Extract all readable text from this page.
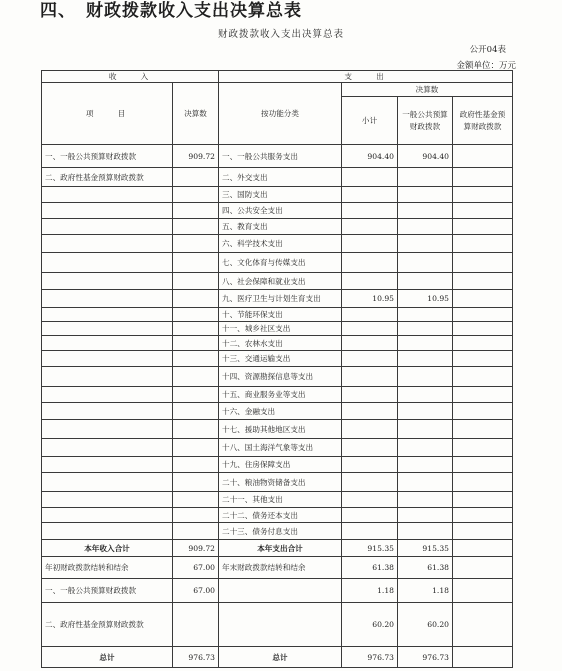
四、 财政拨款收入支出决算总表
财政拨款收入支出决算总表
公开04表
金额单位：万元
收　　入		支　　出			
项　　目	决算数	按功能分类	决算数		
			小计	一般公共预算财政拨款	政府性基金预算财政拨款
一、一般公共预算财政拨款	909.72	一、一般公共服务支出	904.40	904.40	
二、政府性基金预算财政拨款		二、外交支出			
		三、国防支出			
		四、公共安全支出			
		五、教育支出			
		六、科学技术支出			
		七、文化体育与传媒支出			
		八、社会保障和就业支出			
		九、医疗卫生与计划生育支出	10.95	10.95	
		十、节能环保支出			
		十一、城乡社区支出			
		十二、农林水支出			
		十三、交通运输支出			
		十四、资源勘探信息等支出			
		十五、商业服务业等支出			
		十六、金融支出			
		十七、援助其他地区支出			
		十八、国土海洋气象等支出			
		十九、住房保障支出			
		二十、粮油物资储备支出			
		二十一、其他支出			
		二十二、债务还本支出			
		二十三、债务付息支出			
本年收入合计	909.72	本年支出合计	915.35	915.35	
年初财政拨款结转和结余	67.00	年末财政拨款结转和结余	61.38	61.38	
一、一般公共预算财政拨款	67.00		1.18	1.18	
二、政府性基金预算财政拨款			60.20	60.20	
总计	976.73	总计	976.73	976.73	
